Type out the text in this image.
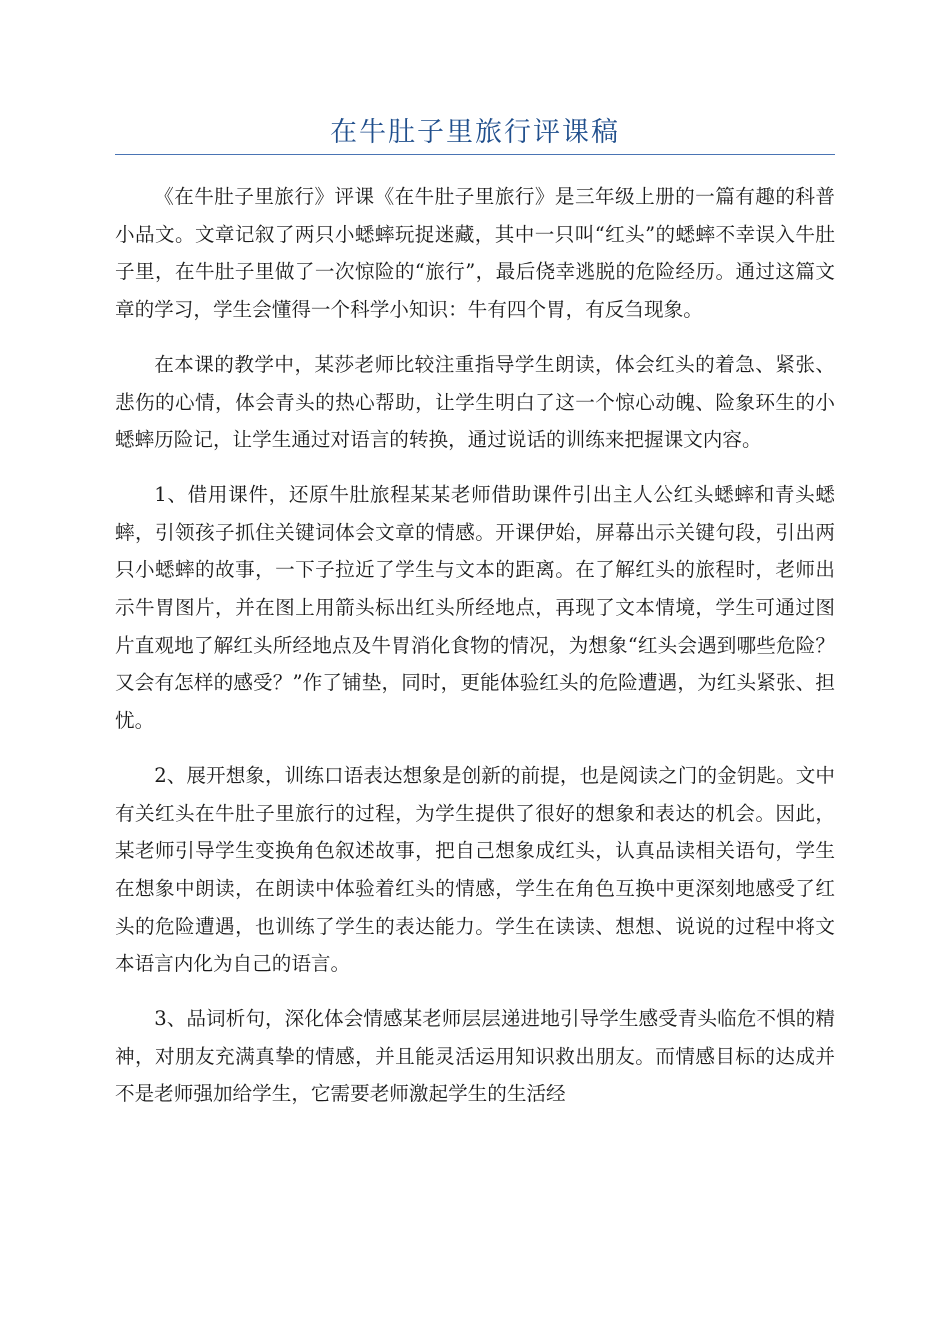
在牛肚子里旅行评课稿

《在牛肚子里旅行》评课《在牛肚子里旅行》是三年级上册的一篇有趣的科普小品文。文章记叙了两只小蟋蟀玩捉迷藏，其中一只叫“红头”的蟋蟀不幸误入牛肚子里，在牛肚子里做了一次惊险的“旅行”，最后侥幸逃脱的危险经历。通过这篇文章的学习，学生会懂得一个科学小知识：牛有四个胃，有反刍现象。

在本课的教学中，某莎老师比较注重指导学生朗读，体会红头的着急、紧张、悲伤的心情，体会青头的热心帮助，让学生明白了这一个惊心动魄、险象环生的小蟋蟀历险记，让学生通过对语言的转换，通过说话的训练来把握课文内容。

1、借用课件，还原牛肚旅程某某老师借助课件引出主人公红头蟋蟀和青头蟋蟀，引领孩子抓住关键词体会文章的情感。开课伊始，屏幕出示关键句段，引出两只小蟋蟀的故事，一下子拉近了学生与文本的距离。在了解红头的旅程时，老师出示牛胃图片，并在图上用箭头标出红头所经地点，再现了文本情境，学生可通过图片直观地了解红头所经地点及牛胃消化食物的情况，为想象“红头会遇到哪些危险？又会有怎样的感受？”作了铺垫，同时，更能体验红头的危险遭遇，为红头紧张、担忧。

2、展开想象，训练口语表达想象是创新的前提，也是阅读之门的金钥匙。文中有关红头在牛肚子里旅行的过程，为学生提供了很好的想象和表达的机会。因此，某老师引导学生变换角色叙述故事，把自己想象成红头，认真品读相关语句，学生在想象中朗读，在朗读中体验着红头的情感，学生在角色互换中更深刻地感受了红头的危险遭遇，也训练了学生的表达能力。学生在读读、想想、说说的过程中将文本语言内化为自己的语言。

3、品词析句，深化体会情感某老师层层递进地引导学生感受青头临危不惧的精神，对朋友充满真挚的情感，并且能灵活运用知识救出朋友。而情感目标的达成并不是老师强加给学生，它需要老师激起学生的生活经
